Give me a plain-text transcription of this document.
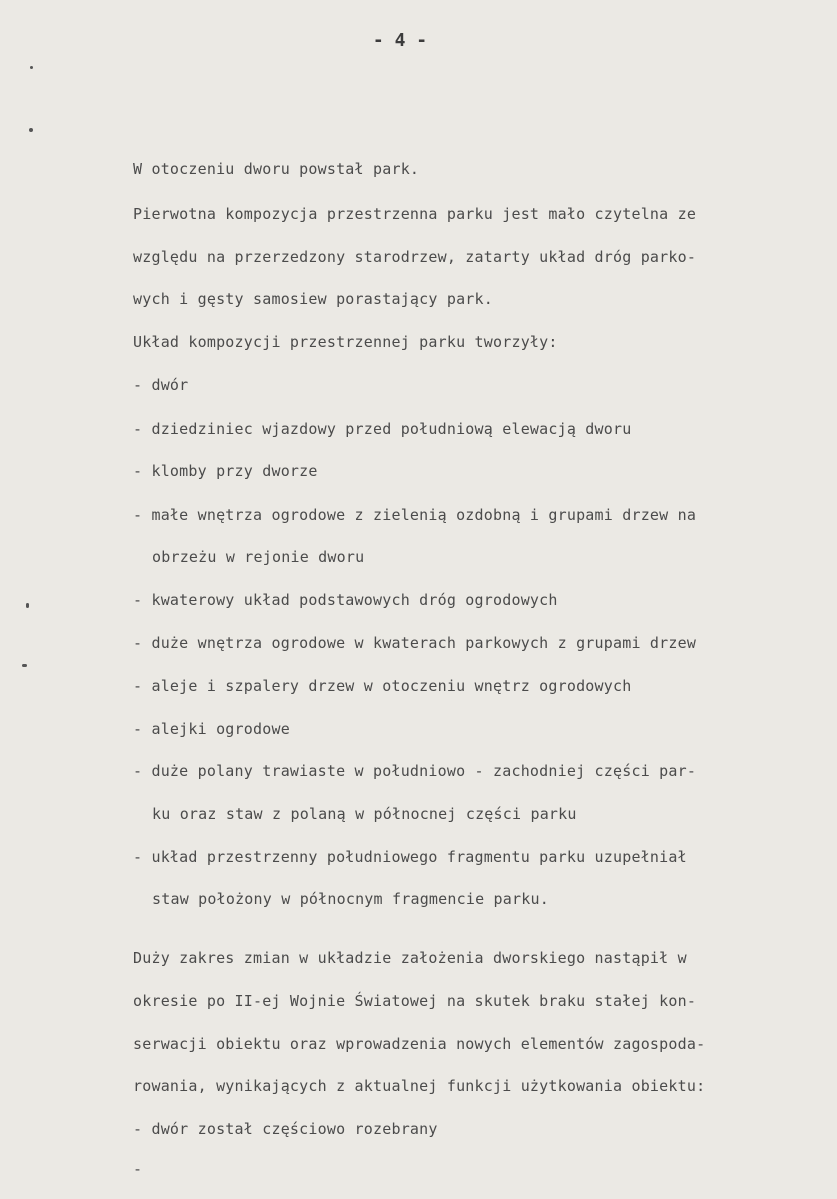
- 4 -
W otoczeniu dworu powstał park.
Pierwotna kompozycja przestrzenna parku jest mało czytelna ze
względu na przerzedzony starodrzew, zatarty układ dróg parko-
wych i gęsty samosiew porastający park.
Układ kompozycji przestrzennej parku tworzyły:
- dwór
- dziedziniec wjazdowy przed południową elewacją dworu
- klomby przy dworze
- małe wnętrza ogrodowe z zielenią ozdobną i grupami drzew na
obrzeżu w rejonie dworu
- kwaterowy układ podstawowych dróg ogrodowych
- duże wnętrza ogrodowe w kwaterach parkowych z grupami drzew
- aleje i szpalery drzew w otoczeniu wnętrz ogrodowych
- alejki ogrodowe
- duże polany trawiaste w południowo - zachodniej części par-
ku oraz staw z polaną w północnej części parku
- układ przestrzenny południowego fragmentu parku uzupełniał
staw położony w północnym fragmencie parku.
Duży zakres zmian w układzie założenia dworskiego nastąpił w
okresie po II-ej Wojnie Światowej na skutek braku stałej kon-
serwacji obiektu oraz wprowadzenia nowych elementów zagospoda-
rowania, wynikających z aktualnej funkcji użytkowania obiektu:
- dwór został częściowo rozebrany
-
